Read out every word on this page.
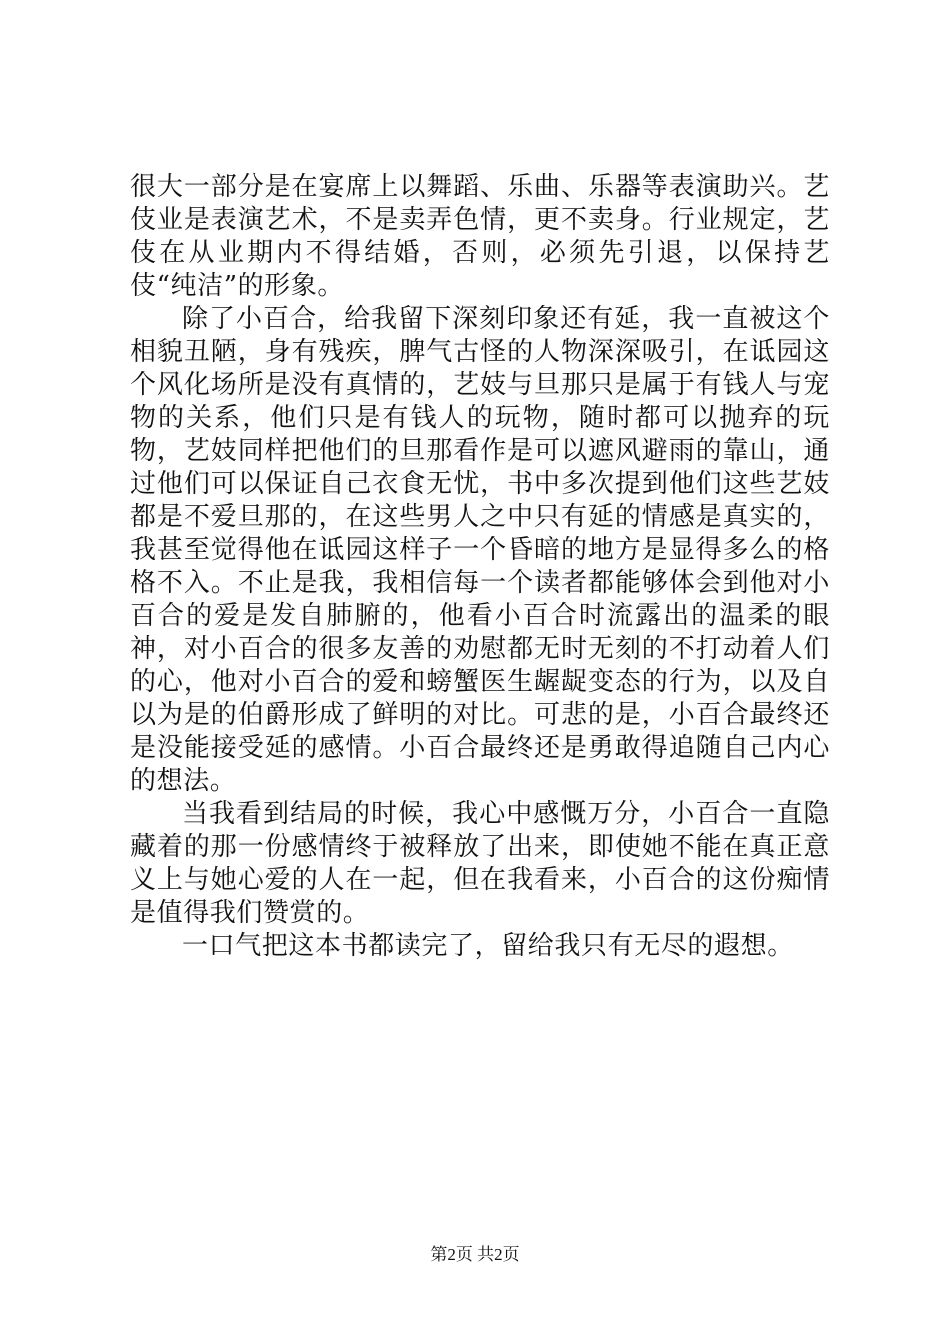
很大一部分是在宴席上以舞蹈、乐曲、乐器等表演助兴。艺伎业是表演艺术，不是卖弄色情，更不卖身。行业规定，艺伎在从业期内不得结婚，否则，必须先引退，以保持艺伎“纯洁”的形象。

除了小百合，给我留下深刻印象还有延，我一直被这个相貌丑陋，身有残疾，脾气古怪的人物深深吸引，在诋园这个风化场所是没有真情的，艺妓与旦那只是属于有钱人与宠物的关系，他们只是有钱人的玩物，随时都可以抛弃的玩物，艺妓同样把他们的旦那看作是可以遮风避雨的靠山，通过他们可以保证自己衣食无忧，书中多次提到他们这些艺妓都是不爱旦那的，在这些男人之中只有延的情感是真实的，我甚至觉得他在诋园这样子一个昏暗的地方是显得多么的格格不入。不止是我，我相信每一个读者都能够体会到他对小百合的爱是发自肺腑的，他看小百合时流露出的温柔的眼神，对小百合的很多友善的劝慰都无时无刻的不打动着人们的心，他对小百合的爱和螃蟹医生龌龊变态的行为，以及自以为是的伯爵形成了鲜明的对比。可悲的是，小百合最终还是没能接受延的感情。小百合最终还是勇敢得追随自己内心的想法。

当我看到结局的时候，我心中感慨万分，小百合一直隐藏着的那一份感情终于被释放了出来，即使她不能在真正意义上与她心爱的人在一起，但在我看来，小百合的这份痴情是值得我们赞赏的。

一口气把这本书都读完了，留给我只有无尽的遐想。

第2页 共2页
